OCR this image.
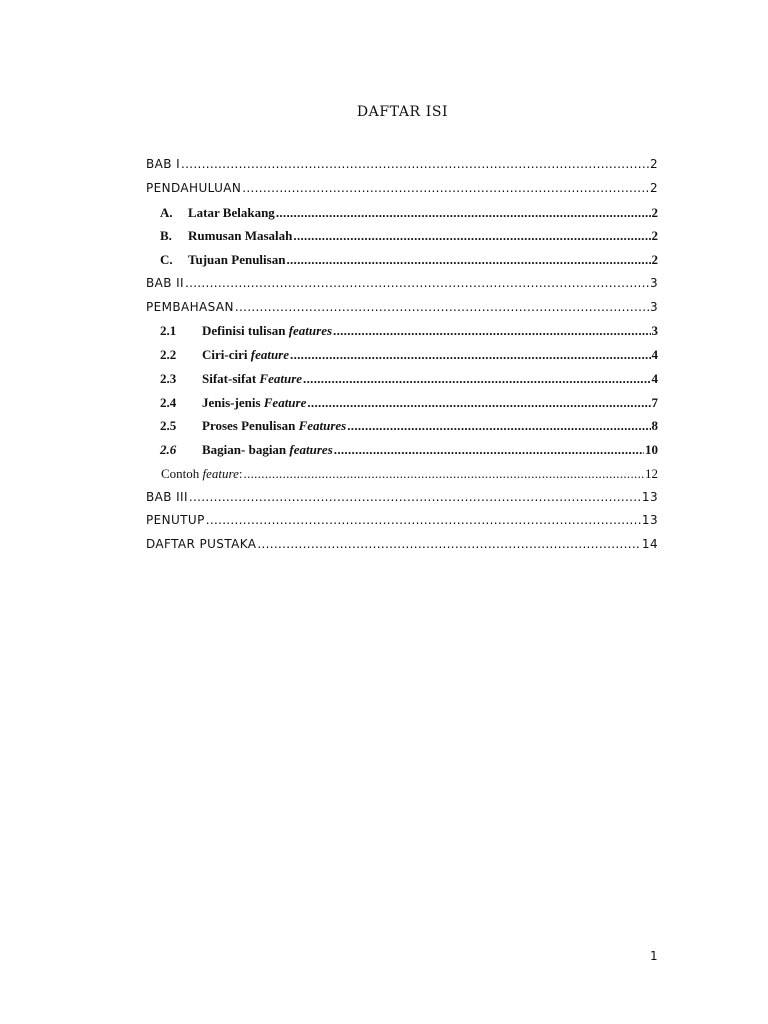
DAFTAR ISI
BAB I .....	2
PENDAHULUAN .....	2
A.	Latar Belakang .....	2
B.	Rumusan Masalah .....	2
C.	Tujuan Penulisan .....	2
BAB II .....	3
PEMBAHASAN .....	3
2.1	Definisi tulisan features .....	3
2.2	Ciri-ciri feature .....	4
2.3	Sifat-sifat Feature .....	4
2.4	Jenis-jenis Feature .....	7
2.5	Proses Penulisan Features .....	8
2.6	Bagian- bagian features .....	10
Contoh feature: .....	12
BAB III .....	13
PENUTUP .....	13
DAFTAR PUSTAKA .....	14
1
